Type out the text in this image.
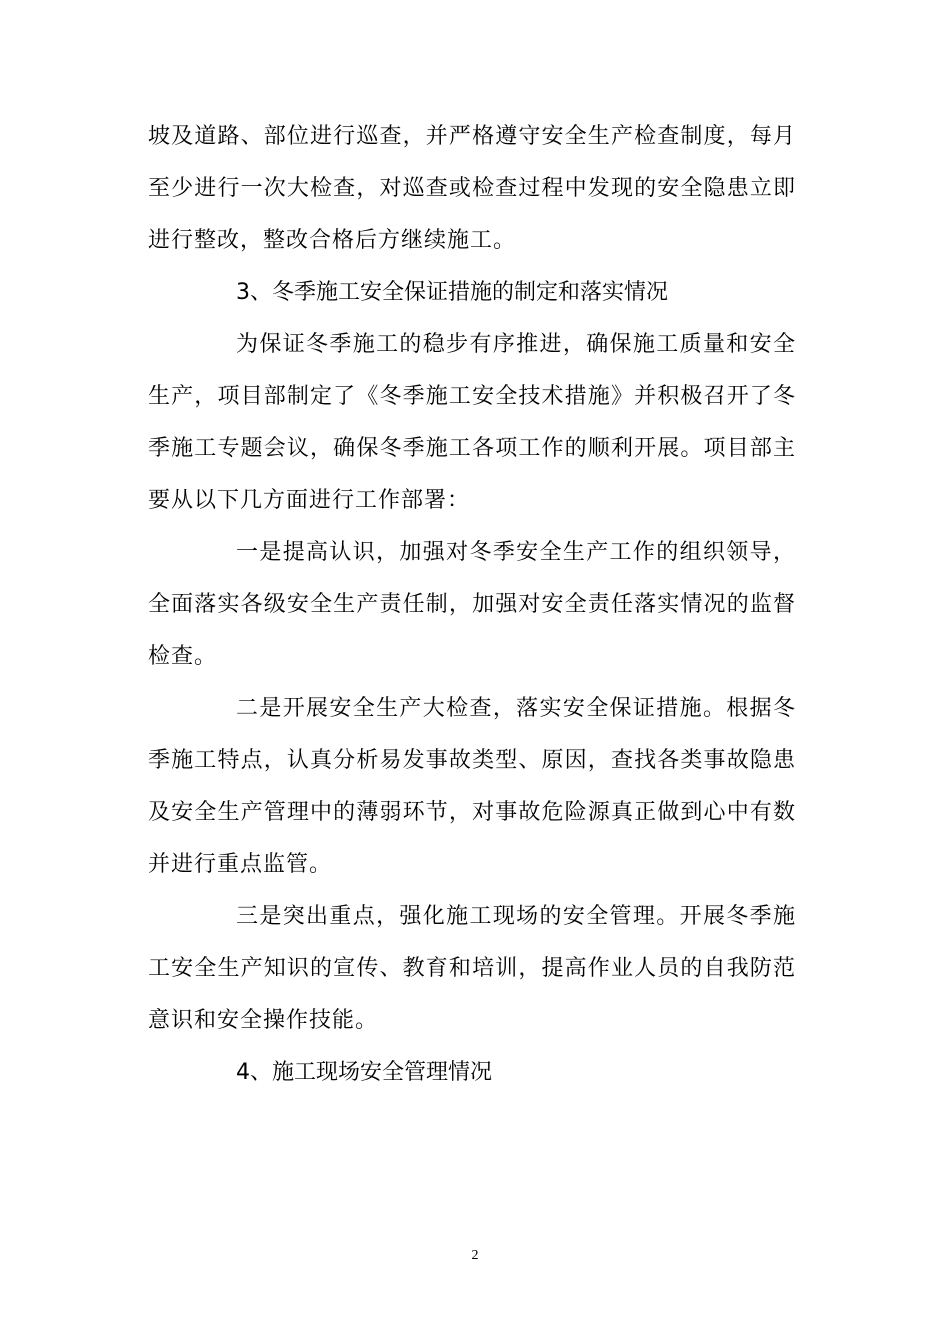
坡及道路、部位进行巡查，并严格遵守安全生产检查制度，每月至少进行一次大检查，对巡查或检查过程中发现的安全隐患立即进行整改，整改合格后方继续施工。

3、冬季施工安全保证措施的制定和落实情况

为保证冬季施工的稳步有序推进，确保施工质量和安全生产，项目部制定了《冬季施工安全技术措施》并积极召开了冬季施工专题会议，确保冬季施工各项工作的顺利开展。项目部主要从以下几方面进行工作部署：

一是提高认识，加强对冬季安全生产工作的组织领导，全面落实各级安全生产责任制，加强对安全责任落实情况的监督检查。

二是开展安全生产大检查，落实安全保证措施。根据冬季施工特点，认真分析易发事故类型、原因，查找各类事故隐患及安全生产管理中的薄弱环节，对事故危险源真正做到心中有数并进行重点监管。

三是突出重点，强化施工现场的安全管理。开展冬季施工安全生产知识的宣传、教育和培训，提高作业人员的自我防范意识和安全操作技能。

4、施工现场安全管理情况

2
